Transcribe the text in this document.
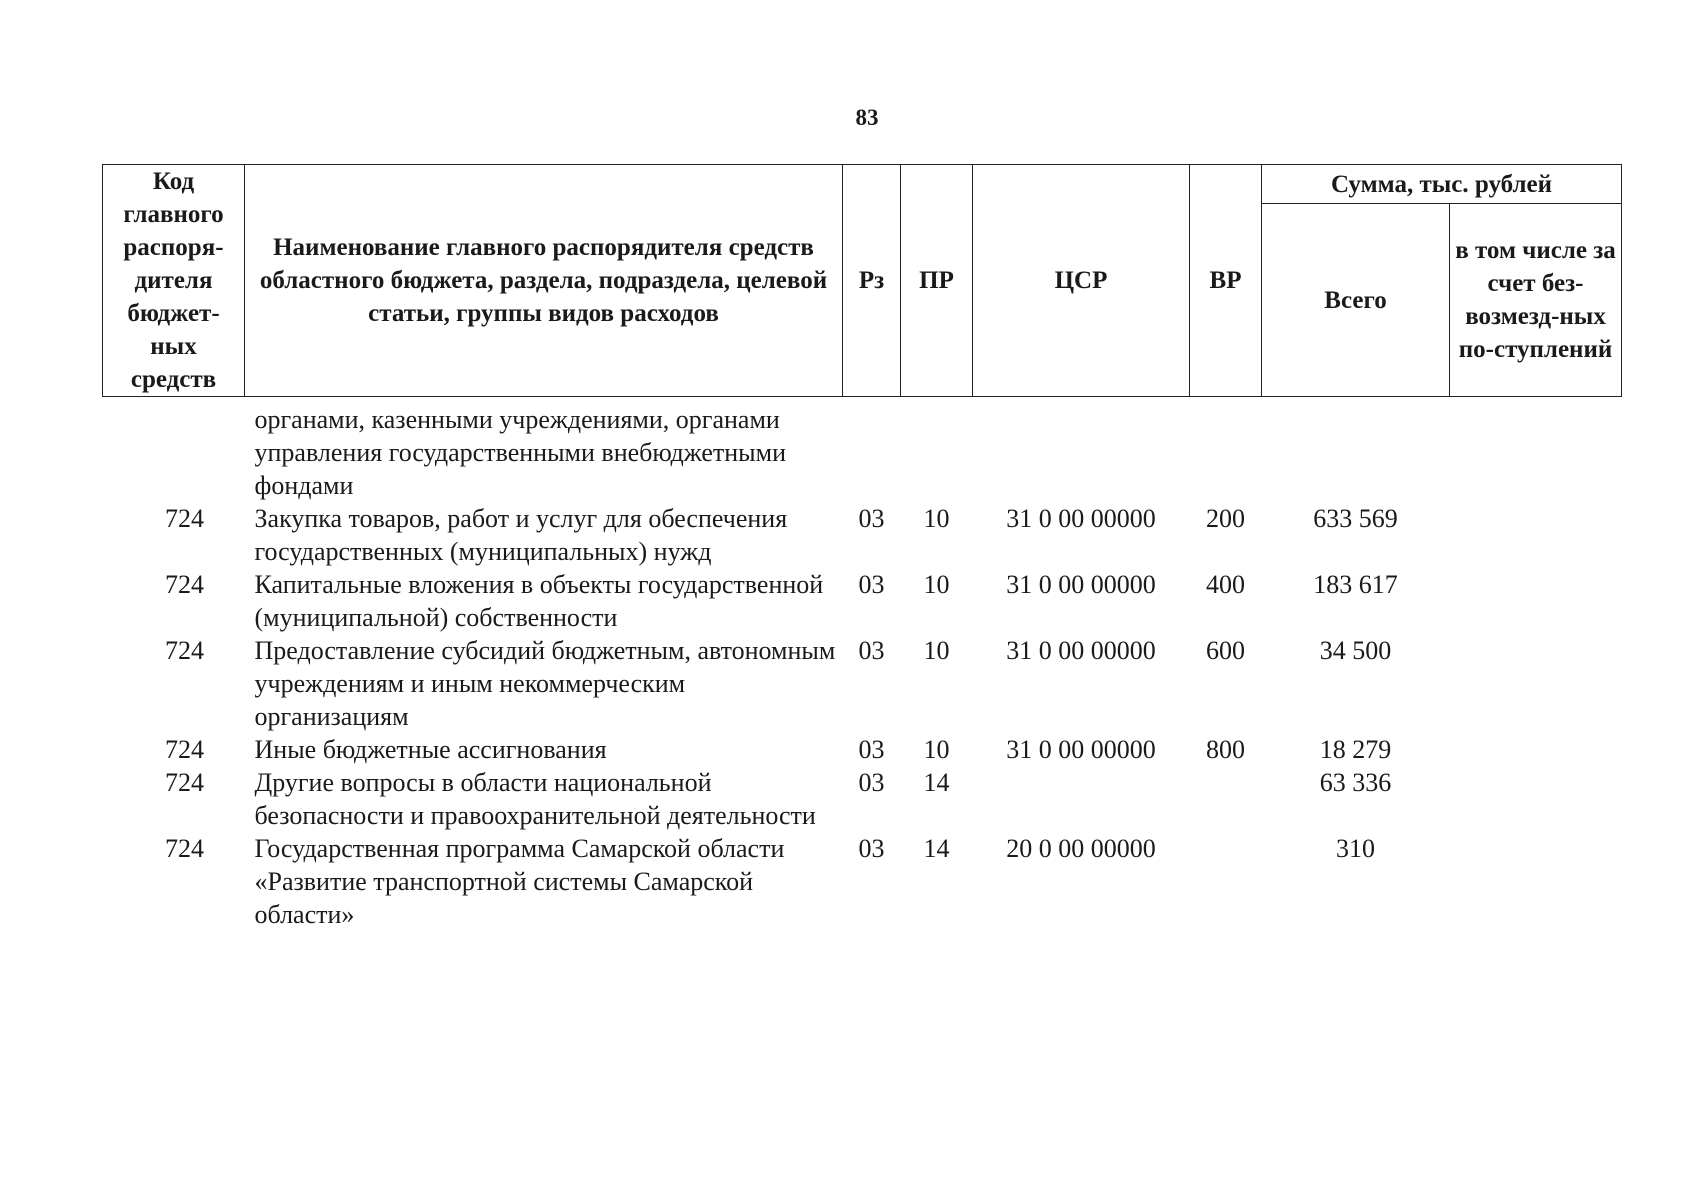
83
Код главного распоря-дителя бюджет-ных средств	Наименование главного распорядителя средств областного бюджета, раздела, подраздела, целевой статьи, группы видов расходов	Рз	ПР	ЦСР	ВР	Сумма, тыс. рублей	
						Всего	в том числе за счет без-возмезд-ных по-ступлений
	органами, казенными учреждениями, органами управления государственными внебюджетными фондами						
724	Закупка товаров, работ и услуг для обеспечения государственных (муниципальных) нужд	03	10	31 0 00 00000	200	633 569	
724	Капитальные вложения в объекты государственной (муниципальной) собственности	03	10	31 0 00 00000	400	183 617	
724	Предоставление субсидий бюджетным, автономным учреждениям и иным некоммерческим организациям	03	10	31 0 00 00000	600	34 500	
724	Иные бюджетные ассигнования	03	10	31 0 00 00000	800	18 279	
724	Другие вопросы в области национальной безопасности и правоохранительной деятельности	03	14			63 336	
724	Государственная программа Самарской области «Развитие транспортной системы Самарской области»	03	14	20 0 00 00000		310	
